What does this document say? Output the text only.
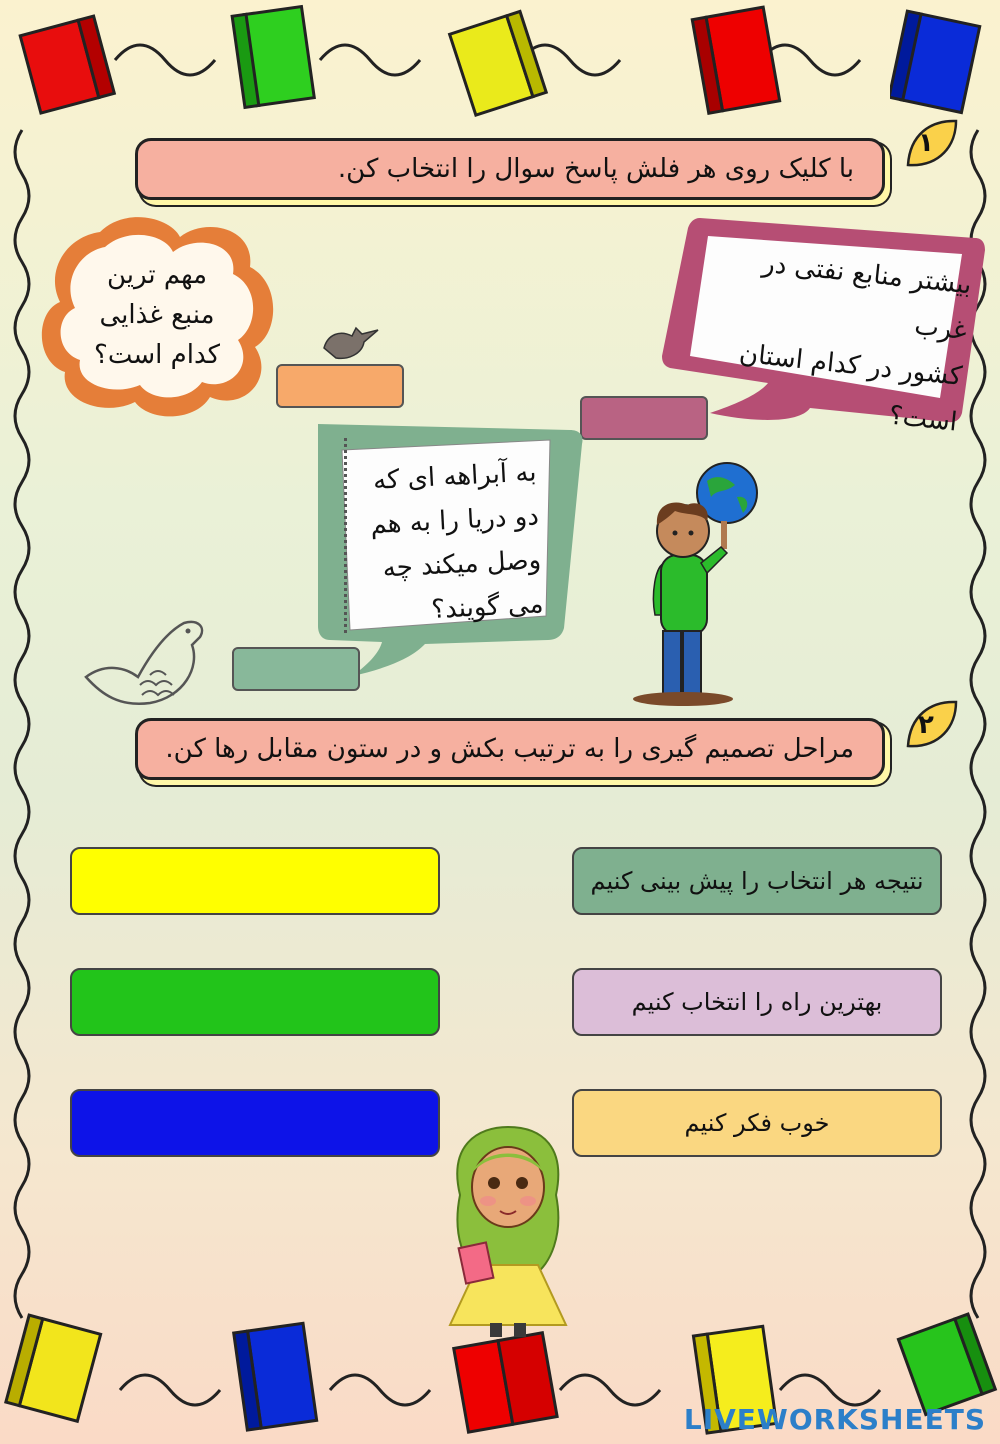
با کلیک روی هر فلش پاسخ سوال را انتخاب کن.
۱
مهم ترین
منبع غذایی
کدام است؟
بیشتر منابع نفتی در غرب
کشور در کدام استان
است؟
به آبراهه ای که
دو دریا را به هم
وصل میکند چه
می گویند؟
مراحل تصمیم گیری را به ترتیب بکش و در ستون مقابل رها کن.
۲
نتیجه هر انتخاب را پیش بینی کنیم
بهترین راه را انتخاب کنیم
خوب فکر کنیم
LIVEWORKSHEETS
